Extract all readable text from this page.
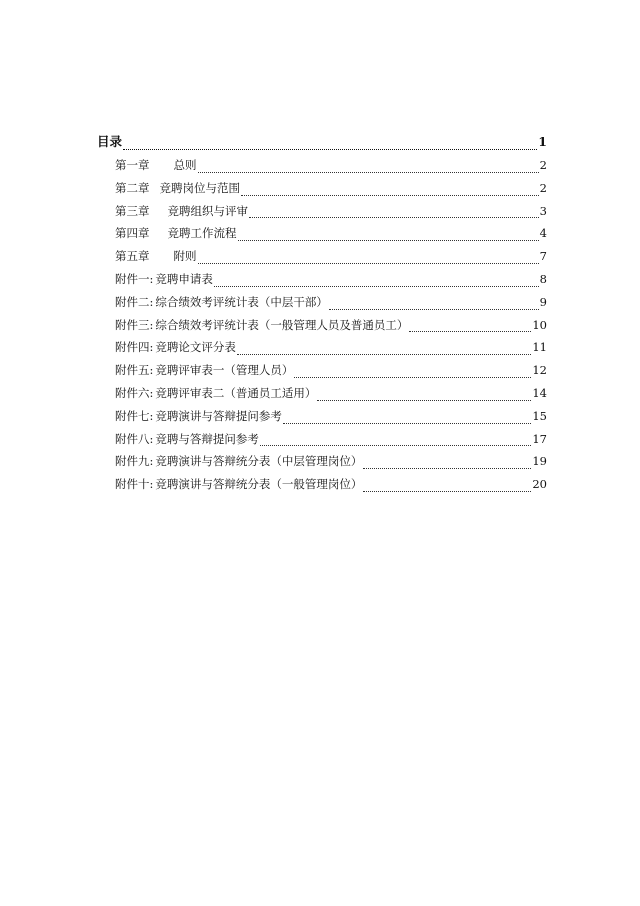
目录	1
第一章 总则	2
第二章 竞聘岗位与范围	2
第三章 竞聘组织与评审	3
第四章 竞聘工作流程	4
第五章 附则	7
附件一: 竞聘申请表	8
附件二: 综合绩效考评统计表（中层干部）	9
附件三: 综合绩效考评统计表（一般管理人员及普通员工）	10
附件四: 竞聘论文评分表	11
附件五: 竞聘评审表一（管理人员）	12
附件六: 竞聘评审表二（普通员工适用）	14
附件七: 竞聘演讲与答辩提问参考	15
附件八: 竞聘与答辩提问参考	17
附件九: 竞聘演讲与答辩统分表（中层管理岗位）	19
附件十: 竞聘演讲与答辩统分表（一般管理岗位）	20
